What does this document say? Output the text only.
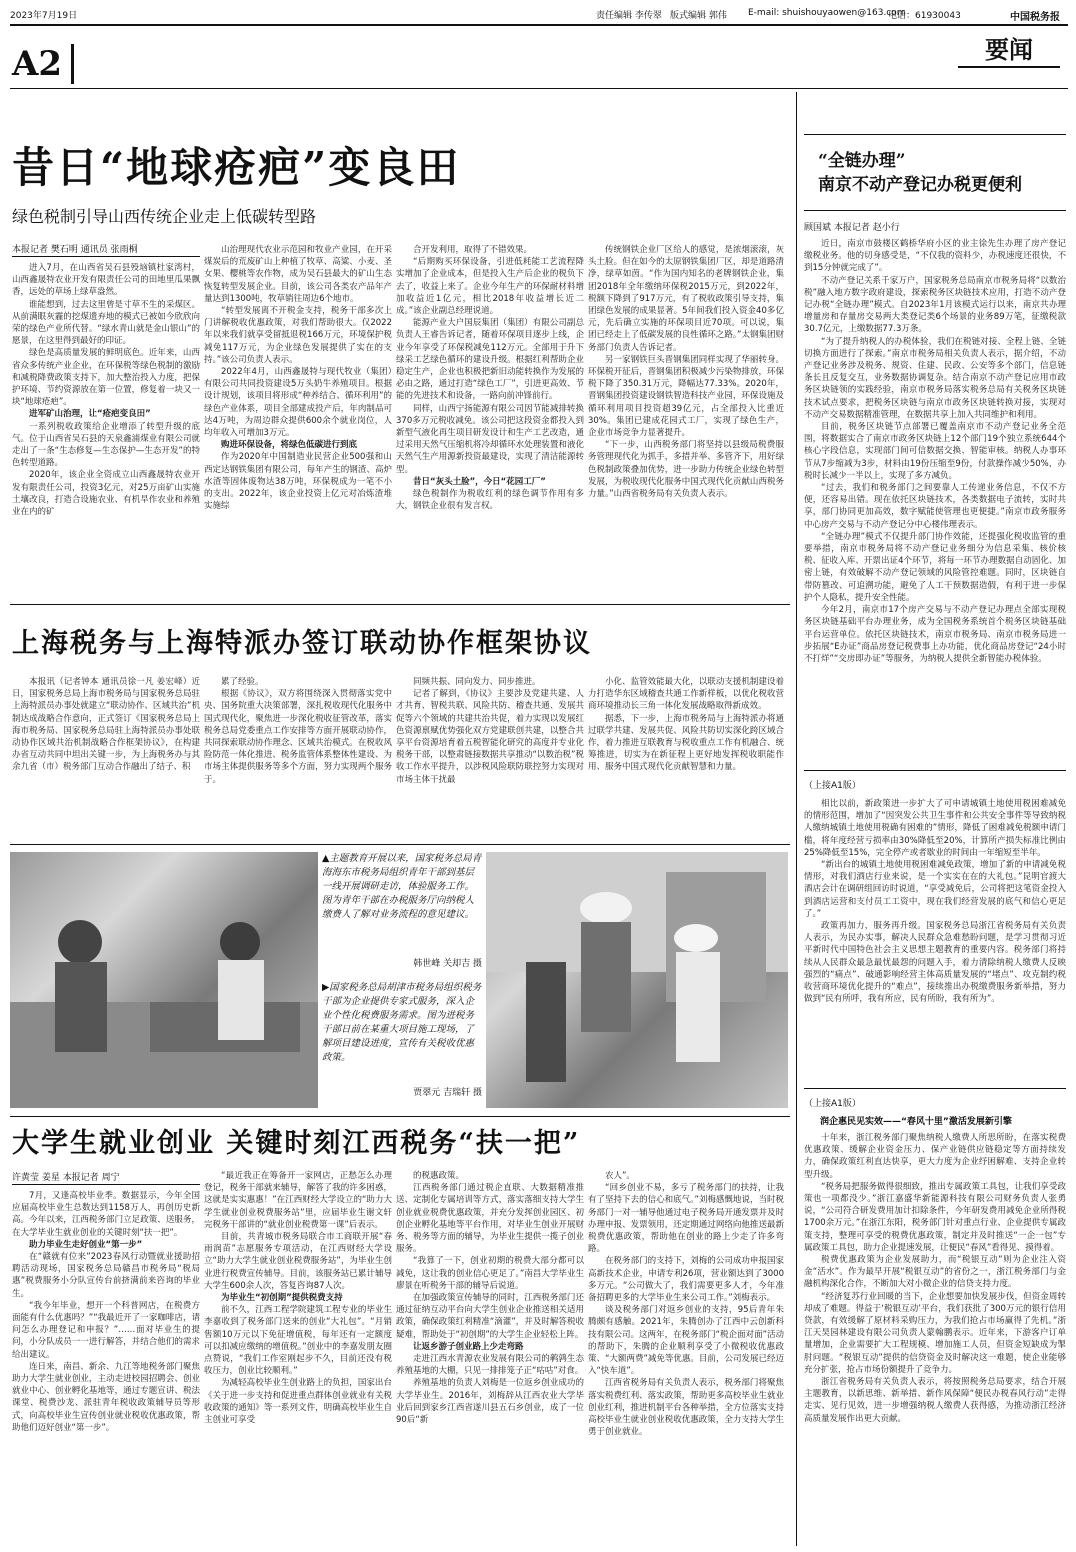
2023年7月19日	责任编辑 李传翠 版式编辑 郭伟 E-mail: shuishouyaowen@163.com
电话：61930043	中国税务报
A2	要闻
昔日“地球疮疤”变良田
绿色税制引导山西传统企业走上低碳转型路
本报记者 樊石明 通讯员 张雨桐

进入7月，在山西省吴石县殁垴镇杜家湾村，山西鑫晟特农业开发有限责任公司的田地里瓜果飘香，远处的草场上绿草盎然。

谁能想到，过去这里曾是寸草不生的采煤区。从前满眼灰霾的挖煤遗弃地的模式已被如今欣欣向荣的绿色产业所代替。“绿水青山就是金山银山”的愿景，在这里得到最好的印证。

绿色是高质量发展的鲜明底色。近年来，山西省众多传统产业企业，在环保税等绿色税制的激励和减税降费政策支持下，加大整治投入力度，把保护环境、节约资源放在第一位置，修复着一块又一块“地球疮疤”。

进军矿山治理，让“疮疤变良田”

一系列税收政策给企业增添了转型升级的底气。位于山西省吴石县的天泉鑫浦煤业有限公司就走出了一条“生态修复—生态保护—生态开发”的特色转型道路。

2020年，该企业全资成立山西鑫晟特农业开发有限责任公司，投资3亿元，对25万亩矿山实施土壤改良，打造合设施农业、有机旱作农业和养殖业在内的矿

山治理现代农业示范园和牧业产业园，在开采煤炭后的荒废矿山上种植了牧草、高粱、小麦、圣女果、樱桃等农作物，成为吴石县最大的矿山生态恢复转型发展企业。目前，该公司各类农产品年产量达到1300吨，牧草销往周边6个地市。

“转型发展离不开税金支持，税务干部多次上门讲解税收优惠政策，对我们帮助很大。仅2022年以来我们就享受留抵退税166万元，环境保护税减免117万元，为企业绿色发展提供了实在的支持。”该公司负责人表示。

2022年4月，山西鑫晟特与现代牧业（集团）有限公司共同投资建设5万头奶牛养殖项目。根据设计规划，该项目将形成“种养结合、循环利用”的绿色产业体系，项目全部建成投产后，年肉制品可达4万吨，为周边群众提供600余个就业岗位，人均年收入可增加3万元。

购进环保设备，将绿色低碳进行到底

作为2020年中国制造业民营企业500强和山西定达钢铁集团有限公司，每年产生的钢渣、高炉水渣等固体废物达38万吨，环保税成为一笔不小的支出。2022年，该企业投资上亿元对冶炼渣堆实施综

合开发利用，取得了不错效果。

“后期购买环保设备，引进低耗能工艺流程降实增加了企业成本，但是投入生产后企业的税负下去了，收益上来了。企业今年生产的环保耐材料增加收益近1亿元，相比2018年收益增长近二成。”该企业副总经理说道。

能源产业大户国辰集团（集团）有限公司副总负责人王睿告诉记者，随着环保项目逐步上线，企业今年享受了环保税减免112万元。全部用于升下绿采工艺绿色循环的建设升级。根据红利帮助企业稳定生产，企业也积极把新旧动能转换作为发展的必由之路，通过打造“绿色工厂”，引进更高效、节能的先进技术和设备，一路向前冲锋前行。

同样，山西宁扬能源有限公司因节能减排转换370多万元税收减免。该公司把这段资金都投入到新型气液化再生项目研发设计和生产工艺改造，通过采用天然气压缩机将冷却循环水处理装置和液化天然气生产用源新投资最建设，实现了清洁能源转型。

昔日“灰头土脸”，今日“花园工厂”

绿色税制作为税收红利的绿色调节作用有多大，钢铁企业很有发言权。

传统钢铁企业厂区给人的感觉，是浓烟滚滚，灰头土脸。但在如今的太原钢铁集团厂区，却是道路清净，绿草如茵。“作为国内知名的老牌钢铁企业，集团2018年全年缴纳环保税2015万元，到2022年，税额下降到了917万元，有了税收政策引导支持，集团绿色发展的成果显著。5年间我们投入资金40多亿元，先后确立实施的环保项目近70项。可以说，集团已经走上了低碳发展的良性循环之路。”太钢集团财务部门负责人告诉记者。

另一家钢铁巨头晋钢集团同样实现了华丽转身。环保税开征后，晋钢集团积极减少污染物排放，环保税下降了350.31万元，降幅达77.33%。2020年，晋钢集团投资建设钢铁智造科技产业园，环保设施及循环利用项目投资超39亿元，占全部投入比重近30%。集团已建成花园式工厂，实现了绿色生产，企业市场竞争力显著提升。

“下一步，山西税务部门将坚持以县级局税费服务管理现代化为抓手，多措并举、多管齐下，用好绿色税制政策叠加优势，进一步助力传统企业绿色转型发展，为税收现代化服务中国式现代化贡献山西税务力量。”山西省税务局有关负责人表示。

上海税务与上海特派办签订联动协作框架协议

本报讯（记者钟本 通讯员徐一凡 姜宏峰）近日，国家税务总局上海市税务局与国家税务总局驻上海特派员办事处就建立“联动协作、区域共治”机制达成战略合作意向，正式签订《国家税务总局上海市税务局、国家税务总局驻上海特派员办事处联动协作区域共治机制战略合作框架协议》，在构建办省互动共同中坦出关键一步，为上海税务办与其余九省（市）税务部门互动合作融出了结子、积

累了经验。

根据《协议》，双方将围绕深入贯彻落实党中央、国务院重大决策部署，深扎税收现代化服务中国式现代化，聚焦进一步深化税收征管改革，落实税务总局党委重点工作安排等方面开展联动协作，共同探索联动协作理念、区域共治模式。在税收风险防范一体化推进、税务监管体系整体性建设、为市场主体提供服务等多个方面，努力实现两个服务于。

同频共振、同向发力、同步推进。

记者了解到，《协议》主要涉及党建共建、人才共育、智税共联、风险共防、稽查共通、发展共促等六个领域的共建共治共促，着力实现以发展红色资源禀赋优势强化双方党建联创共建，以整合共享平台资源培育着五税智能化研究的高度并专业化税务干部，以整肃链接数据共享推动“以数治税”税收工作水平提升，以涉税风险联防联控努力实现对市场主体干扰最

小化、监管效能最大化，以联动支援机制建设着力打造华东区域稽查共通工作新样板，以优化税收营商环境推动长三角一体化发展战略取得新成效。

据悉，下一步，上海市税务局与上海特派办将通过联学共建、发展共促、风险共防切实深化跨区域合作，着力推进互联教育与税收重点工作有机融合、统筹推进，切实为在新征程上更好地发挥税收职能作用、服务中国式现代化贡献智慧和力量。

▲主题教育开展以来，国家税务总局青海海东市税务局组织青年干部到基层一线开展调研走访，体验服务工作。图为青年干部在办税服务厅向纳税人缴费人了解对业务流程的意见建议。
韩世峰 关却吉 摄
▶国家税务总局胡津市税务局组织税务干部为企业提供专家式服务，深入企业个性化税费服务需求。图为进税务干部日前在某重大项目施工现场，了解项目建设进度，宣传有关税收优惠政策。
贾翠元 吉瑞轩 摄
大学生就业创业 关键时刻江西税务“扶一把”
许黄莹 姜星 本报记者 周宁

7月，又逢高校毕业季。数据显示，今年全国应届高校毕业生总数达到1158万人，再创历史新高。今年以来，江西税务部门立足政策、送服务，在大学毕业生就业创业的关键时刻“扶一把”。

助力毕业生走好创业“第一步”

在“赣就有位来”2023春风行动暨就业援助招聘活动现场，国家税务总局赣昌市税务局“税局惠”税费服务小分队宣传台前挤满前来咨询的毕业生。

“我今年毕业，想开一个科普网店，在税费方面能有什么优惠吗？”“我最近开了一家咖啡店，请问怎么办理登记和申报？”……面对毕业生的提问，小分队成员一一进行解答，并结合他们的需求给出建议。

连日来，南昌、新余、九江等地税务部门聚焦助力大学生就业创业，主动走进校园招聘会、创业就业中心、创业孵化基地等，通过专题宣讲、税法课堂、税费沙龙、派驻青年税收政策辅导员等形式，向高校毕业生宣传创业就业税收优惠政策，帮助他们迈好创业“第一步”。

“最近我正在筹备开一家网店，正愁怎么办理登记，税务干部就来辅导，解答了我的许多困惑，这就是实实惠惠！”在江西财经大学设立的“助力大学生就业创业税费服务站”里，应届毕业生谢文轩完税务干部讲的“就业创业税费第一课”后表示。

目前，共青城市税务局联合市工商联开展“春雨润苗”志愿服务专项活动，在江西财经大学设立“助力大学生就业创业税费服务站”，为毕业生创业进行税费宣传辅导。目前，该服务站已累计辅导大学生600余人次，答复咨询87人次。

为毕业生“初创期”提供税费支持

前不久，江西工程学院建筑工程专业的毕业生李嘉收到了税务部门送来的创业“大礼包”。“月销售额10万元以下免征增值税，每年还有一定额度可以扣减应缴纳的增值税。”创业中的李嘉发朋友圈点赞说，“我们工作室刚起步不久，目前还没有税收压力，创业比较顺利。”

为减轻高校毕业生创业路上的负担，国家出台《关于进一步支持和促进重点群体创业就业有关税收政策的通知》等一系列文件，明确高校毕业生自主创业可享受

的税惠政策。

江西税务部门通过税企直联、大数据精准推送、定制化专属培训等方式，落实落细支持大学生创业就业税费优惠政策，并充分发挥创业园区、初创企业孵化基地等平台作用，对毕业生创业开展财务、税务等方面的辅导，为毕业生提供一揽子创业服务。

“我算了一下，创业初期的税费大部分都可以减免，这让我的创业信心更足了。”南昌大学毕业生廖景在听税务干部的辅导后说道。

在加强政策宣传辅导的同时，江西税务部门还通过征纳互动平台向大学生创业企业推送相关适用政策，确保政策红利精准“滴灌”，并及时解答税收疑难，帮助处于“初创期”的大学生企业轻松上阵。

让返乡游子创业路上少走弯路

走进江西水青源农业发展有限公司的鹌鹑生态养殖基地的大棚，只见一排排笼子正“咕咕”对食。

养殖基地的负责人刘梅是一位返乡创业成功的大学毕业生。2016年，刘梅辞从江西农业大学毕业后回到家乡江西省遂川县五石乡创业，成了一位90后“新

农人”。

“回乡创业不易，多亏了税务部门的扶持，让我有了坚持下去的信心和底气。”刘梅感慨地说，当时税务部门一对一辅导他通过电子税务局开通发票并及时办理申报、发票领用，还定期通过网络向他推送最新税费优惠政策，帮助他在创业的路上少走了许多弯路。

在税务部门的支持下，刘梅的公司成功申报国家高新技术企业，申请专利26项，营业额达到了3000多万元。“公司做大了，我们需要更多人才，今年准备招聘更多的大学毕业生来公司工作。”刘梅表示。

谈及税务部门对返乡创业的支持，95后青年朱腾颇有感触。2021年，朱腾创办了江西中云创新科技有限公司。这两年，在税务部门“税企面对面”活动的帮助下，朱腾的企业顺利享受了小微税收优惠政策、“大额两费”减免等优惠。目前，公司发展已经迈入“快车道”。

江西省税务局有关负责人表示，税务部门将聚焦落实税费红利、落实政策，帮助更多高校毕业生就业创业红利，推进机制平台各种举措，全方位落实支持高校毕业生就业创业税收优惠政策，全力支持大学生勇于创业就业。

“全链办理”
南京不动产登记办税更便利
顾国斌 本报记者 赵小行

近日，南京市鼓楼区鹤桥华府小区的业主徐先生办理了房产登记缴税业务。他的切身感受是，“不仅我的资料少，办税速度还很快，不到15分钟就完成了”。

不动产登记关系千家万户，国家税务总局南京市税务局将“以数治税”融入地方数字政府建设，探索税务区块链技术应用，打造不动产登记办税“全链办理”模式。自2023年1月该模式运行以来，南京共办理增量房和存量房交易两大类登记类6个场景的业务89万笔，征缴税款30.7亿元，上缴数据77.3万条。

“为了提升纳税人的办税体验，我们在税链对接、全程上链、全链切换方面进行了探索。”南京市税务局相关负责人表示，据介绍，不动产登记业务涉及税务、规资、住建、民政、公安等多个部门，信息链条长且反复交互，业务数据协调复杂。结合南京不动产登记应用市政务区块链领的实践经验，南京市税务局落实税务总局有关税务区块链技术试点要求，把税务区块链与南京市政务区块链转换对接，实现对不动产交易数据精准管理，在数据共享上加入共同维护和利用。

目前，税务区块链节点部署已覆盖南京市不动产登记业务全范围，将数据实合了南京市政务区块链上12个部门19个独立系统644个核心字段信息，实现部门间可信数据交换、智能审核。纳税人办事环节从7步缩减为3步，材料由19份压缩至9份，付款操作减少50%，办税时长减少一半以上，实现了多方减负。

“过去，我们和税务部门之间要靠人工传递业务信息，不仅不方便，还容易出错。现在依托区块链技术，各类数据电子流转，实时共享，部门协同更加高效，数字赋能使管理也更便捷。”南京市政务服务中心房产交易与不动产登记分中心楼伟理表示。

“全链办理”模式不仅提升部门协作效能，还提强化税收监管的重要举措，南京市税务局将不动产登记业务细分为信息采集、核价核税、征收入库、开票出证4个环节，将每一环节办理数据自动固化、加密上链，有效破解不动产登记领域的风险管控难题。同时，区块链自带防篡改、可追溯功能，避免了人工干预数据造假，有利于进一步保护个人隐私，提升安全性能。

今年2月，南京市17个房产交易与不动产登记办理点全部实现税务区块链基础平台办理业务，成为全国税务系统首个税务区块链基础平台运营单位。依托区块链技术，南京市税务局、南京市税务局进一步拓展“E办证”商品房登记税费事上办功能，优化商品房登记“24小时不打烊”“交房即办证”等服务，为纳税人提供全新智能办税体验。

（上接A1版）

相比以前，新政策进一步扩大了可申请城镇土地使用税困难减免的情形范围，增加了“因突发公共卫生事件和公共安全事件等导致纳税人缴纳城镇土地使用税确有困难的”情形，降低了困难减免税额申请门槛，将年度经营亏损率由30%降低至20%，计算所产损失标准比例由25%降低至15%，完全停产或者歇业的时间由一年缩短至半年。

“新出台的城镇土地使用税困难减免政策，增加了新的申请减免税情形，对我们酒店行业来说，是一个实实在在的大礼包。”昆明官渡大酒店会计在调研组回访时说道，“享受减免后，公司将把这笔资金投入到酒店运营和支付员工工资中，现在我们经营发展的底气和信心更足了。”

政策再加力，服务再升级。国家税务总局浙江省税务局有关负责人表示，为民办实事，解决人民群众急难愁盼问题，是学习贯彻习近平新时代中国特色社会主义思想主题教育的重要内容。税务部门将持续从人民群众最急最忧最怨的问题入手，着力清除纳税人缴费人反映强烈的“痛点”、破通影响经营主体高质量发展的“堵点”、攻克制约税收营商环境优化提升的“难点”，接续推出办税缴费服务新举措，努力做到“民有所呼，我有所应，民有所盼，我有所为”。

（上接A1版）
润企惠民见实效——“春风十里”激活发展新引擎

十年来，浙江税务部门聚焦纳税人缴费人所思所盼，在落实税费优惠政策、缓解企业资金压力、保产业链供应链稳定等方面持续发力，确保政策红利直达快享，更大力度为企业纾困解难、支持企业转型升级。

“税务局把服务做得很细致，推出专属政策工具包，让我们享受政策也一项都没少。”浙江嘉盛华新能源科技有限公司财务负责人张勇说，“公司符合研发费用加计扣除条件，今年研发费用减免企业所得税1700余万元。”在浙江东阳，税务部门针对重点行业、企业提供专属政策支持，整理可享受的税费优惠政策，制定并及时推送“一企一包”专属政策工具包，助力企业提速发展，让便民“春风”看得见、摸得着。

税费优惠政策为企业发展助力，而“税银互动”则为企业注入资金“活水”。作为最早开展“税银互动”的省份之一，浙江税务部门与金融机构深化合作，不断加大对小微企业的信贷支持力度。

“经济复苏行业回暖的当下，企业想要加快发展步伐，但资金周转却成了难题。得益于‘税银互动’平台，我们获批了300万元的银行信用贷款，有效缓解了原材料采购压力，为我们抢占市场赢得了先机。”浙江天昊园林建设有限公司负责人蒙翰鹏表示。近年来，下游客户订单量增加，企业需要扩大工程规模、增加施工人员，但资金短缺成为掣肘问题。“税银互动”提供的信贷资金及时解决这一难题，使企业能够充分扩张，抢占市场份额提升了竞争力。

浙江省税务局有关负责人表示，将按照税务总局要求，结合开展主题教育，以新思维、新举措、新作风保障“便民办税春风行动”走得走实、见行见效，进一步增强纳税人缴费人获得感，为推动浙江经济高质量发展作出更大贡献。
